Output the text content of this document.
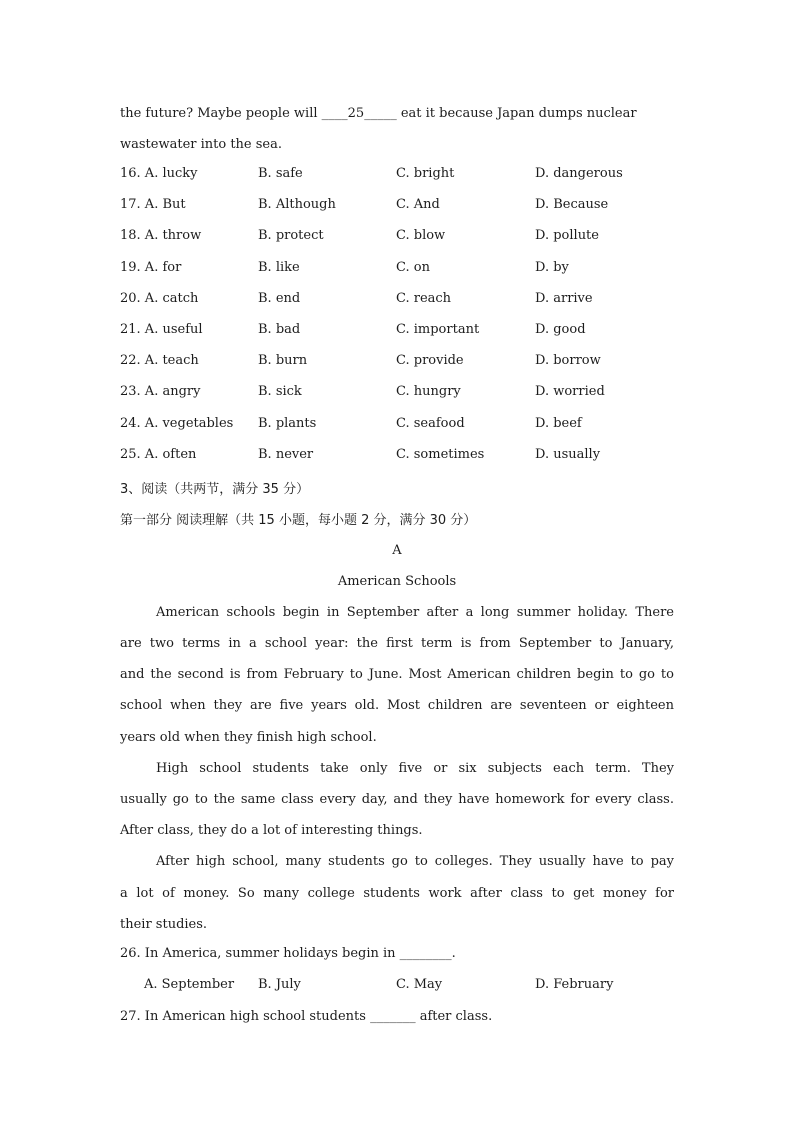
the future? Maybe people will ____25_____ eat it because Japan dumps nuclear
wastewater into the sea.
16. A. lucky	B. safe	C. bright	D. dangerous
17. A. But	B. Although	C. And	D. Because
18. A. throw	B. protect	C. blow	D. pollute
19. A. for	B. like	C. on	D. by
20. A. catch	B. end	C. reach	D. arrive
21. A. useful	B. bad	C. important	D. good
22. A. teach	B. burn	C. provide	D. borrow
23. A. angry	B. sick	C. hungry	D. worried
24. A. vegetables B. plants	C. seafood	D. beef
25. A. often	B. never	C. sometimes	D. usually
3、阅读（共两节，满分 35 分）
第一部分 阅读理解（共 15 小题，每小题 2 分，满分 30 分）
A
American Schools
American schools begin in September after a long summer holiday. There
are two terms in a school year: the first term is from September to January,
and the second is from February to June. Most American children begin to go to
school when they are five years old. Most children are seventeen or eighteen
years old when they finish high school.
High school students take only five or six subjects each term. They
usually go to the same class every day, and they have homework for every class.
After class, they do a lot of interesting things.
After high school, many students go to colleges. They usually have to pay
a lot of money. So many college students work after class to get money for
their studies.
26. In America, summer holidays begin in ________.
A. September B. July	C. May	D. February
27. In American high school students _______ after class.
